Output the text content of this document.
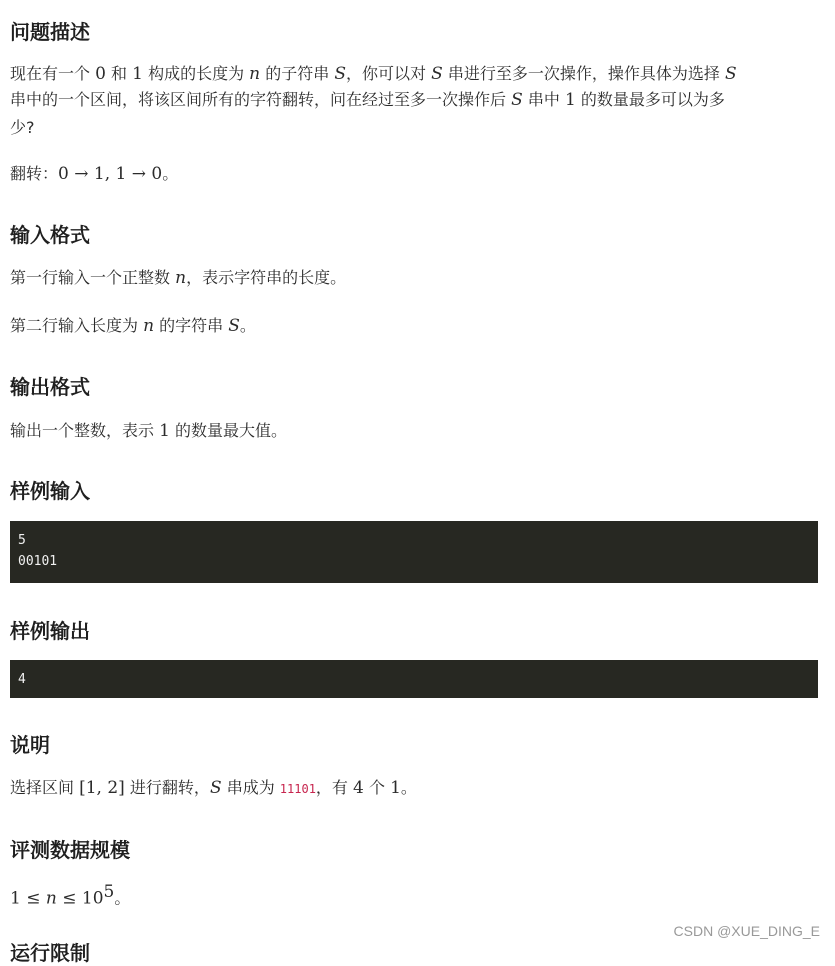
问题描述

现在有一个 0 和 1 构成的长度为 n 的子符串 S，你可以对 S 串进行至多一次操作，操作具体为选择 S

串中的一个区间，将该区间所有的字符翻转，问在经过至多一次操作后 S 串中 1 的数量最多可以为多

少?

翻转：0 → 1, 1 → 0。

输入格式

第一行输入一个正整数 n，表示字符串的长度。

第二行输入长度为 n 的字符串 S。

输出格式

输出一个整数，表示 1 的数量最大值。

样例输入
5
00101
样例输出
4
说明

选择区间 [1, 2] 进行翻转，S 串成为 11101，有 4 个 1。

评测数据规模

$1 \le n \le 10^5$。

运行限制
CSDN @XUE_DING_E
